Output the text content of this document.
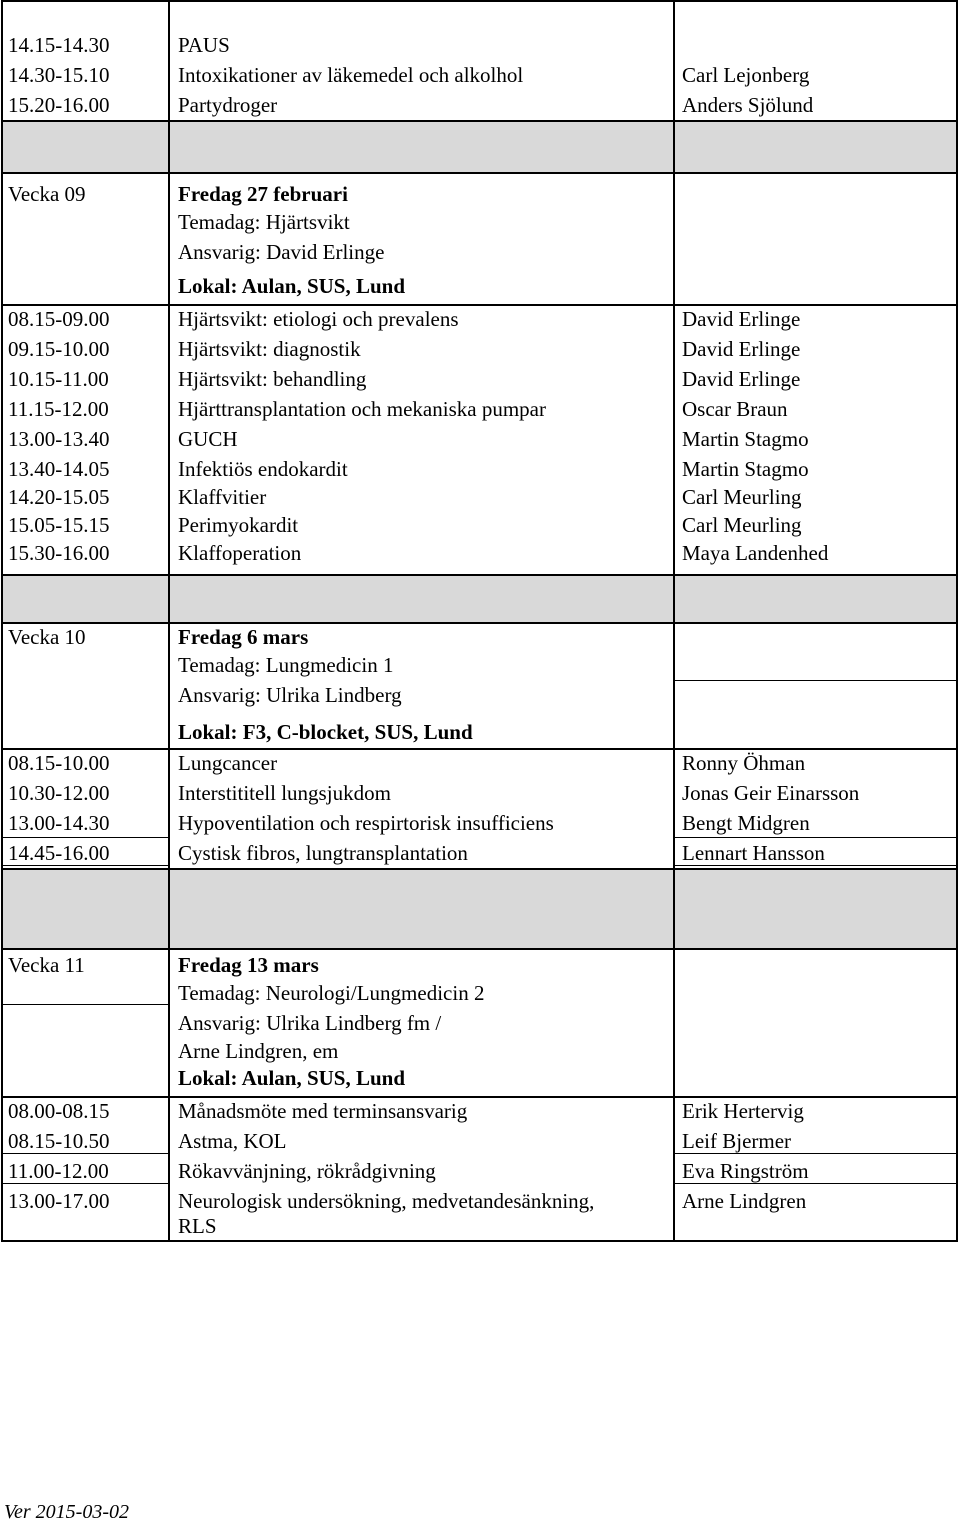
14.15-14.30	PAUS
14.30-15.10	Intoxikationer av läkemedel och alkolhol	Carl Lejonberg
15.20-16.00	Partydroger	Anders Sjölund
Vecka 09	Fredag 27 februari
Temadag: Hjärtsvikt
Ansvarig: David Erlinge
Lokal: Aulan, SUS, Lund
08.15-09.00	Hjärtsvikt: etiologi och prevalens	David Erlinge
09.15-10.00	Hjärtsvikt: diagnostik	David Erlinge
10.15-11.00	Hjärtsvikt: behandling	David Erlinge
11.15-12.00	Hjärttransplantation och mekaniska pumpar	Oscar Braun
13.00-13.40	GUCH	Martin Stagmo
13.40-14.05	Infektiös endokardit	Martin Stagmo
14.20-15.05	Klaffvitier	Carl Meurling
15.05-15.15	Perimyokardit	Carl Meurling
15.30-16.00	Klaffoperation	Maya Landenhed
Vecka 10	Fredag 6 mars
Temadag: Lungmedicin 1
Ansvarig: Ulrika Lindberg
Lokal: F3, C-blocket, SUS, Lund
08.15-10.00	Lungcancer	Ronny Öhman
10.30-12.00	Interstititell lungsjukdom	Jonas Geir Einarsson
13.00-14.30	Hypoventilation och respirtorisk insufficiens	Bengt Midgren
14.45-16.00	Cystisk fibros, lungtransplantation	Lennart Hansson
Vecka 11	Fredag 13 mars
Temadag: Neurologi/Lungmedicin 2
Ansvarig: Ulrika Lindberg fm /
Arne Lindgren, em
Lokal: Aulan, SUS, Lund
08.00-08.15	Månadsmöte med terminsansvarig	Erik Hertervig
08.15-10.50	Astma, KOL	Leif Bjermer
11.00-12.00	Rökavvänjning, rökrådgivning	Eva Ringström
13.00-17.00	Neurologisk undersökning, medvetandesänkning,	Arne Lindgren
RLS
Ver 2015-03-02
